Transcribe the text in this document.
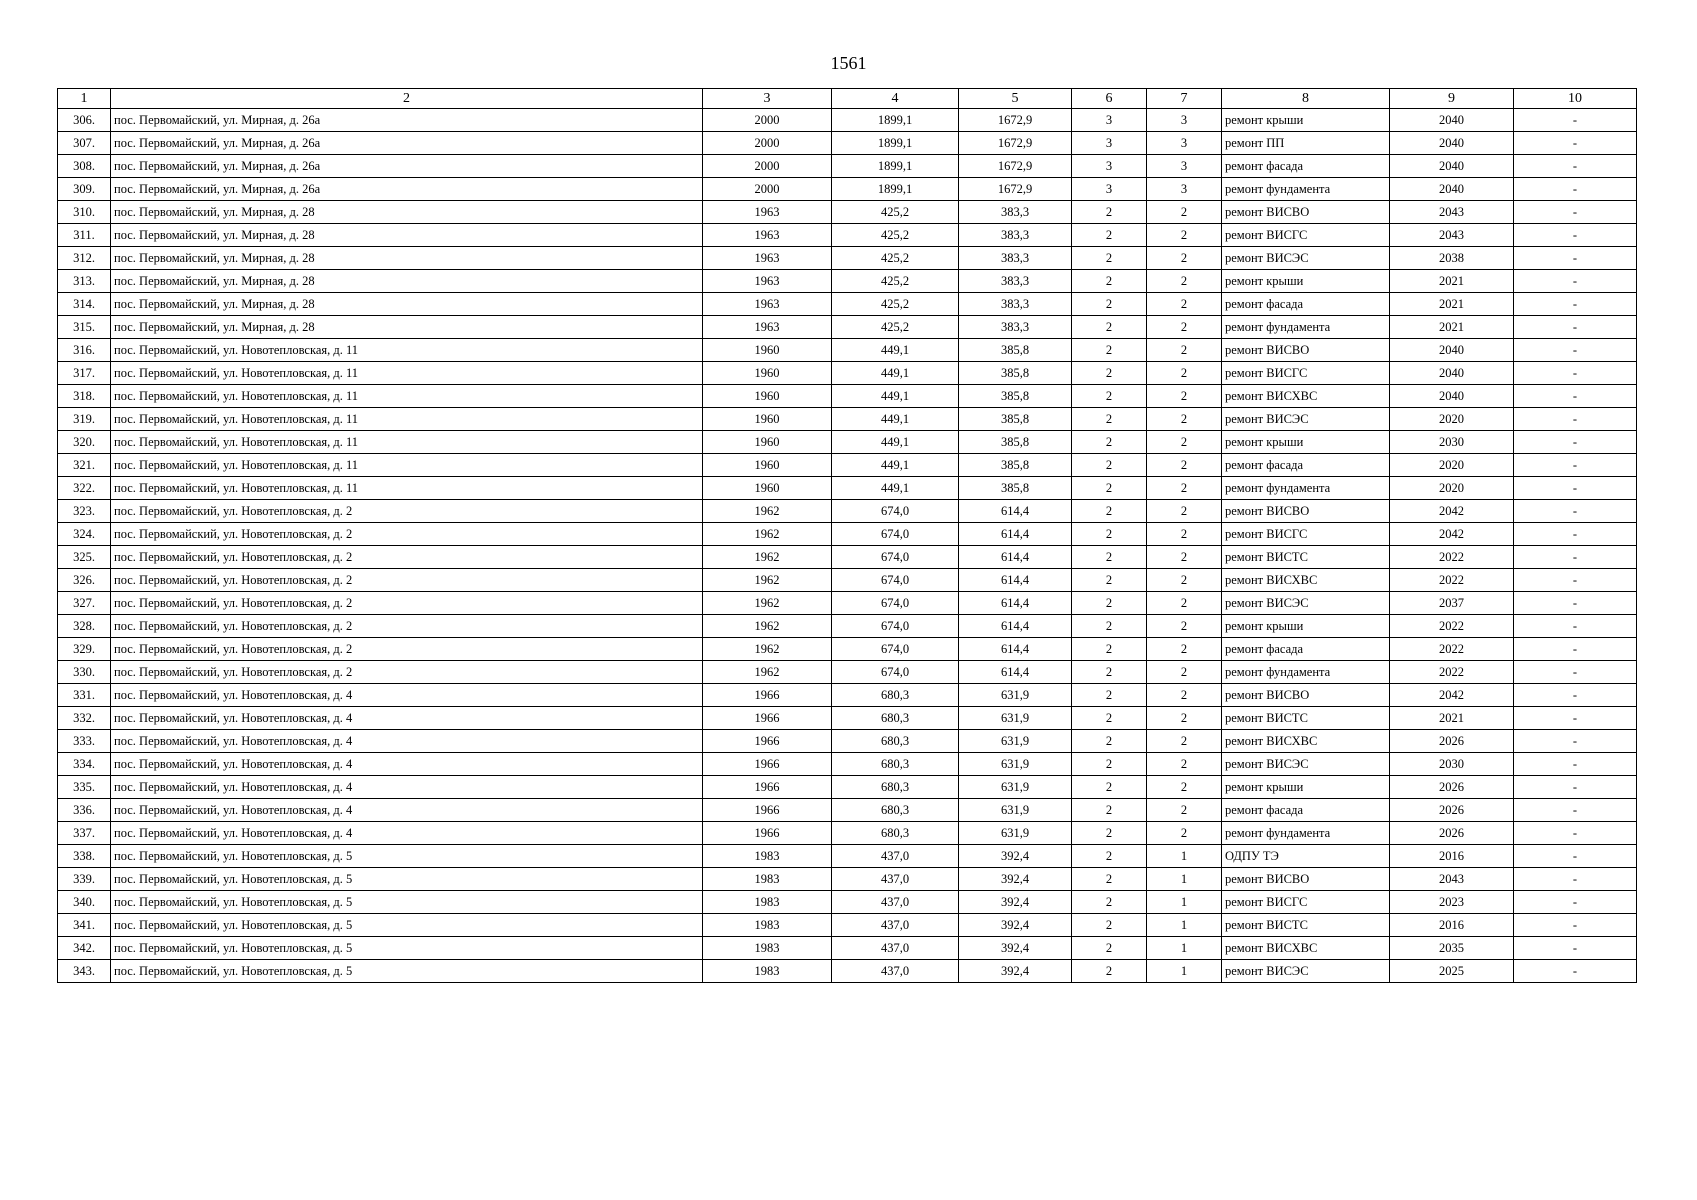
1561
1	2	3	4	5	6	7	8	9	10
306.	пос. Первомайский, ул. Мирная, д. 26а	2000	1899,1	1672,9	3	3	ремонт крыши	2040	-
307.	пос. Первомайский, ул. Мирная, д. 26а	2000	1899,1	1672,9	3	3	ремонт ПП	2040	-
308.	пос. Первомайский, ул. Мирная, д. 26а	2000	1899,1	1672,9	3	3	ремонт фасада	2040	-
309.	пос. Первомайский, ул. Мирная, д. 26а	2000	1899,1	1672,9	3	3	ремонт фундамента	2040	-
310.	пос. Первомайский, ул. Мирная, д. 28	1963	425,2	383,3	2	2	ремонт ВИСВО	2043	-
311.	пос. Первомайский, ул. Мирная, д. 28	1963	425,2	383,3	2	2	ремонт ВИСГС	2043	-
312.	пос. Первомайский, ул. Мирная, д. 28	1963	425,2	383,3	2	2	ремонт ВИСЭС	2038	-
313.	пос. Первомайский, ул. Мирная, д. 28	1963	425,2	383,3	2	2	ремонт крыши	2021	-
314.	пос. Первомайский, ул. Мирная, д. 28	1963	425,2	383,3	2	2	ремонт фасада	2021	-
315.	пос. Первомайский, ул. Мирная, д. 28	1963	425,2	383,3	2	2	ремонт фундамента	2021	-
316.	пос. Первомайский, ул. Новотепловская, д. 11	1960	449,1	385,8	2	2	ремонт ВИСВО	2040	-
317.	пос. Первомайский, ул. Новотепловская, д. 11	1960	449,1	385,8	2	2	ремонт ВИСГС	2040	-
318.	пос. Первомайский, ул. Новотепловская, д. 11	1960	449,1	385,8	2	2	ремонт ВИСХВС	2040	-
319.	пос. Первомайский, ул. Новотепловская, д. 11	1960	449,1	385,8	2	2	ремонт ВИСЭС	2020	-
320.	пос. Первомайский, ул. Новотепловская, д. 11	1960	449,1	385,8	2	2	ремонт крыши	2030	-
321.	пос. Первомайский, ул. Новотепловская, д. 11	1960	449,1	385,8	2	2	ремонт фасада	2020	-
322.	пос. Первомайский, ул. Новотепловская, д. 11	1960	449,1	385,8	2	2	ремонт фундамента	2020	-
323.	пос. Первомайский, ул. Новотепловская, д. 2	1962	674,0	614,4	2	2	ремонт ВИСВО	2042	-
324.	пос. Первомайский, ул. Новотепловская, д. 2	1962	674,0	614,4	2	2	ремонт ВИСГС	2042	-
325.	пос. Первомайский, ул. Новотепловская, д. 2	1962	674,0	614,4	2	2	ремонт ВИСТС	2022	-
326.	пос. Первомайский, ул. Новотепловская, д. 2	1962	674,0	614,4	2	2	ремонт ВИСХВС	2022	-
327.	пос. Первомайский, ул. Новотепловская, д. 2	1962	674,0	614,4	2	2	ремонт ВИСЭС	2037	-
328.	пос. Первомайский, ул. Новотепловская, д. 2	1962	674,0	614,4	2	2	ремонт крыши	2022	-
329.	пос. Первомайский, ул. Новотепловская, д. 2	1962	674,0	614,4	2	2	ремонт фасада	2022	-
330.	пос. Первомайский, ул. Новотепловская, д. 2	1962	674,0	614,4	2	2	ремонт фундамента	2022	-
331.	пос. Первомайский, ул. Новотепловская, д. 4	1966	680,3	631,9	2	2	ремонт ВИСВО	2042	-
332.	пос. Первомайский, ул. Новотепловская, д. 4	1966	680,3	631,9	2	2	ремонт ВИСТС	2021	-
333.	пос. Первомайский, ул. Новотепловская, д. 4	1966	680,3	631,9	2	2	ремонт ВИСХВС	2026	-
334.	пос. Первомайский, ул. Новотепловская, д. 4	1966	680,3	631,9	2	2	ремонт ВИСЭС	2030	-
335.	пос. Первомайский, ул. Новотепловская, д. 4	1966	680,3	631,9	2	2	ремонт крыши	2026	-
336.	пос. Первомайский, ул. Новотепловская, д. 4	1966	680,3	631,9	2	2	ремонт фасада	2026	-
337.	пос. Первомайский, ул. Новотепловская, д. 4	1966	680,3	631,9	2	2	ремонт фундамента	2026	-
338.	пос. Первомайский, ул. Новотепловская, д. 5	1983	437,0	392,4	2	1	ОДПУ ТЭ	2016	-
339.	пос. Первомайский, ул. Новотепловская, д. 5	1983	437,0	392,4	2	1	ремонт ВИСВО	2043	-
340.	пос. Первомайский, ул. Новотепловская, д. 5	1983	437,0	392,4	2	1	ремонт ВИСГС	2023	-
341.	пос. Первомайский, ул. Новотепловская, д. 5	1983	437,0	392,4	2	1	ремонт ВИСТС	2016	-
342.	пос. Первомайский, ул. Новотепловская, д. 5	1983	437,0	392,4	2	1	ремонт ВИСХВС	2035	-
343.	пос. Первомайский, ул. Новотепловская, д. 5	1983	437,0	392,4	2	1	ремонт ВИСЭС	2025	-
